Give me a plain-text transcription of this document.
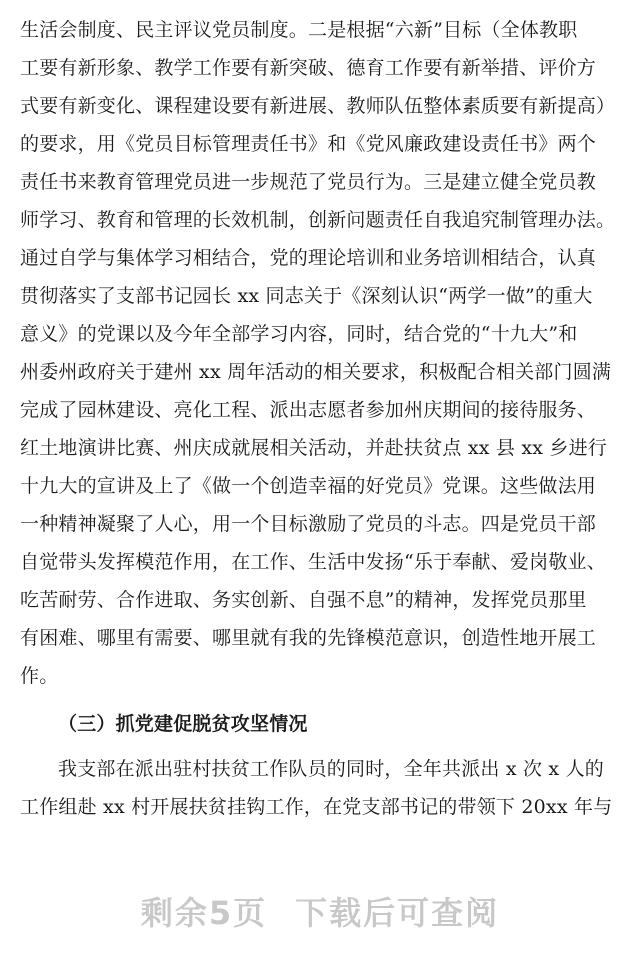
生活会制度、民主评议党员制度。二是根据“六新”目标（全体教职
工要有新形象、教学工作要有新突破、德育工作要有新举措、评价方
式要有新变化、课程建设要有新进展、教师队伍整体素质要有新提高）
的要求，用《党员目标管理责任书》和《党风廉政建设责任书》两个
责任书来教育管理党员进一步规范了党员行为。三是建立健全党员教
师学习、教育和管理的长效机制，创新问题责任自我追究制管理办法。
通过自学与集体学习相结合，党的理论培训和业务培训相结合，认真
贯彻落实了支部书记园长 xx 同志关于《深刻认识“两学一做”的重大
意义》的党课以及今年全部学习内容，同时，结合党的“十九大”和
州委州政府关于建州 xx 周年活动的相关要求，积极配合相关部门圆满
完成了园林建设、亮化工程、派出志愿者参加州庆期间的接待服务、
红土地演讲比赛、州庆成就展相关活动，并赴扶贫点 xx 县 xx 乡进行
十九大的宣讲及上了《做一个创造幸福的好党员》党课。这些做法用
一种精神凝聚了人心，用一个目标激励了党员的斗志。四是党员干部
自觉带头发挥模范作用，在工作、生活中发扬“乐于奉献、爱岗敬业、
吃苦耐劳、合作进取、务实创新、自强不息”的精神，发挥党员那里
有困难、哪里有需要、哪里就有我的先锋模范意识，创造性地开展工
作。
（三）抓党建促脱贫攻坚情况
我支部在派出驻村扶贫工作队员的同时，全年共派出 x 次 x 人的
工作组赴 xx 村开展扶贫挂钩工作，在党支部书记的带领下 20xx 年与
剩余5页 下载后可查阅
